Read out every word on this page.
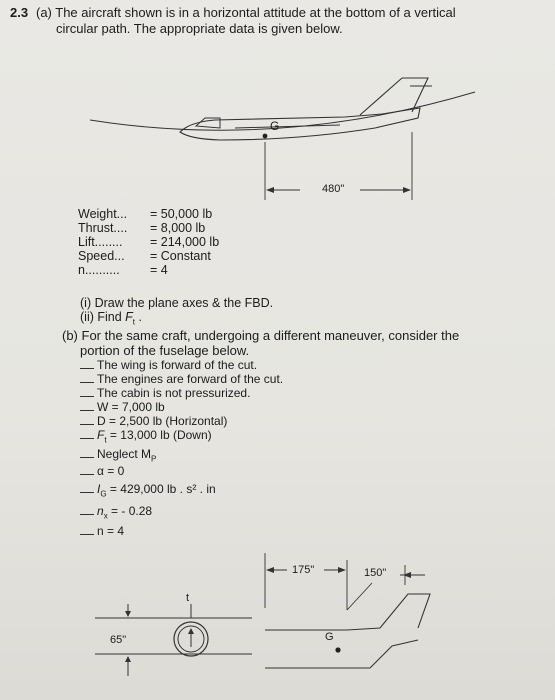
2.3 (a) The aircraft shown is in a horizontal attitude at the bottom of a vertical
circular path. The appropriate data is given below.
G
480"
Weight... = 50,000 lb
Thrust.... = 8,000 lb
Lift........ = 214,000 lb
Speed... = Constant
n.......... = 4
(i) Draw the plane axes & the FBD.
(ii) Find $F_t$ .
(b) For the same craft, undergoing a different maneuver, consider the
portion of the fuselage below.
The wing is forward of the cut.
The engines are forward of the cut.
The cabin is not pressurized.
W = 7,000 lb
D = 2,500 lb (Horizontal)
$F_t = 13,000$ lb (Down)
Neglect $M_P$
α = 0
$I_G = 429,000$ lb . s² . in
$n_x$ = - 0.28
n = 4
175"	150"
65"
t
G
